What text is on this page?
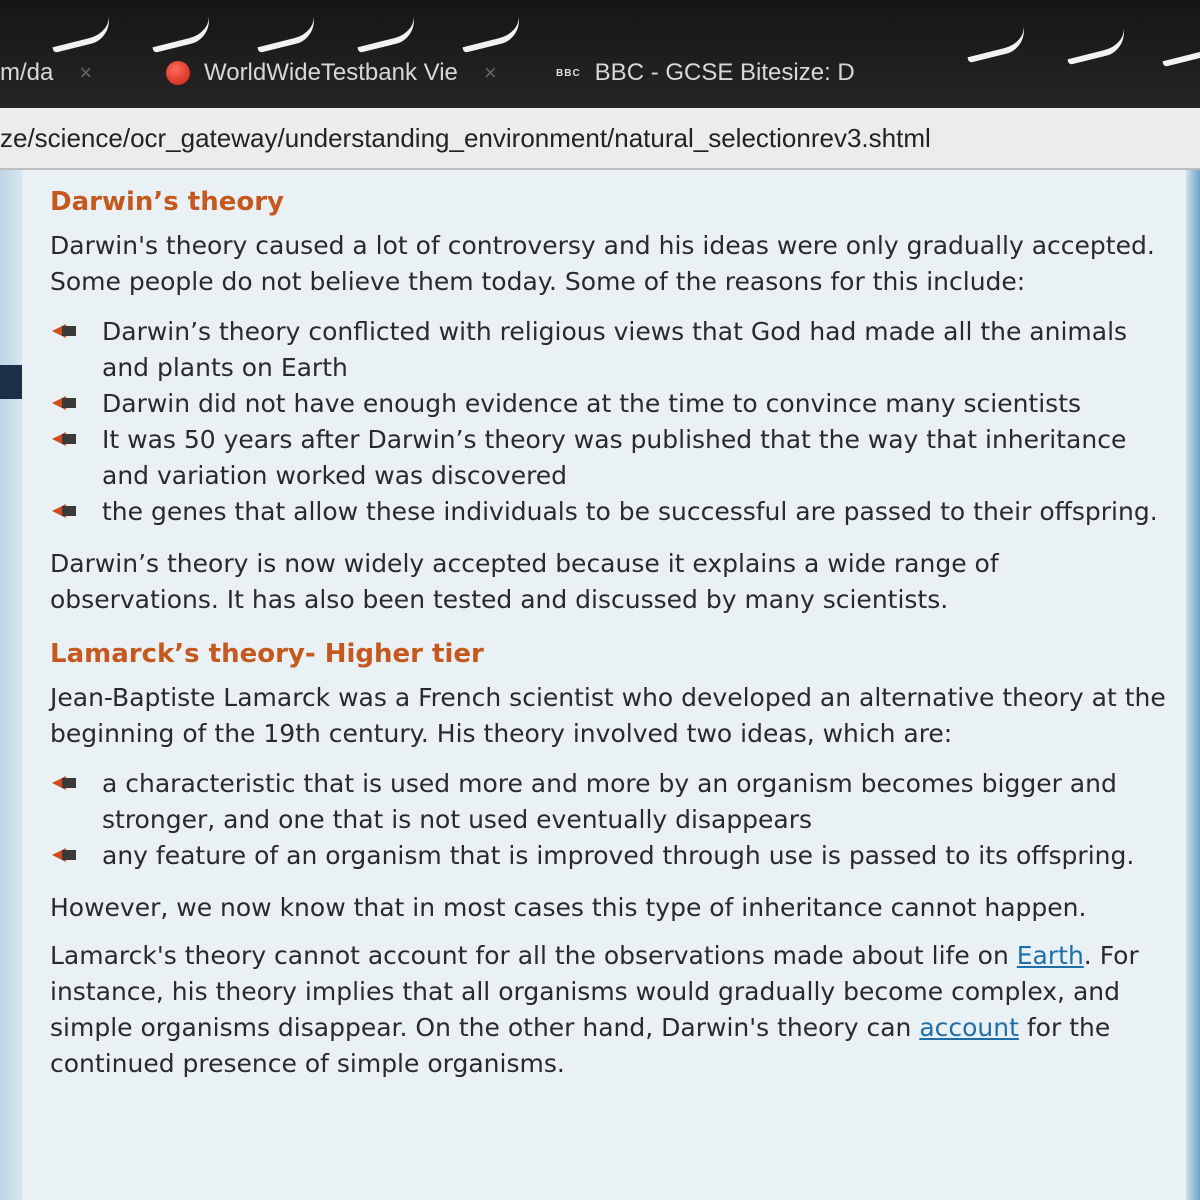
m/da ×	WorldWideTestbank Vie ×	BBC BBC - GCSE Bitesize: D
ze/science/ocr_gateway/understanding_environment/natural_selectionrev3.shtml
Darwin’s theory

Darwin's theory caused a lot of controversy and his ideas were only gradually accepted. Some people do not believe them today. Some of the reasons for this include:

Darwin’s theory conflicted with religious views that God had made all the animals and plants on Earth
Darwin did not have enough evidence at the time to convince many scientists
It was 50 years after Darwin’s theory was published that the way that inheritance and variation worked was discovered
the genes that allow these individuals to be successful are passed to their offspring.

Darwin’s theory is now widely accepted because it explains a wide range of observations. It has also been tested and discussed by many scientists.

Lamarck’s theory- Higher tier

Jean-Baptiste Lamarck was a French scientist who developed an alternative theory at the beginning of the 19th century. His theory involved two ideas, which are:

a characteristic that is used more and more by an organism becomes bigger and stronger, and one that is not used eventually disappears
any feature of an organism that is improved through use is passed to its offspring.

However, we now know that in most cases this type of inheritance cannot happen.

Lamarck's theory cannot account for all the observations made about life on Earth. For instance, his theory implies that all organisms would gradually become complex, and simple organisms disappear. On the other hand, Darwin's theory can account for the continued presence of simple organisms.
